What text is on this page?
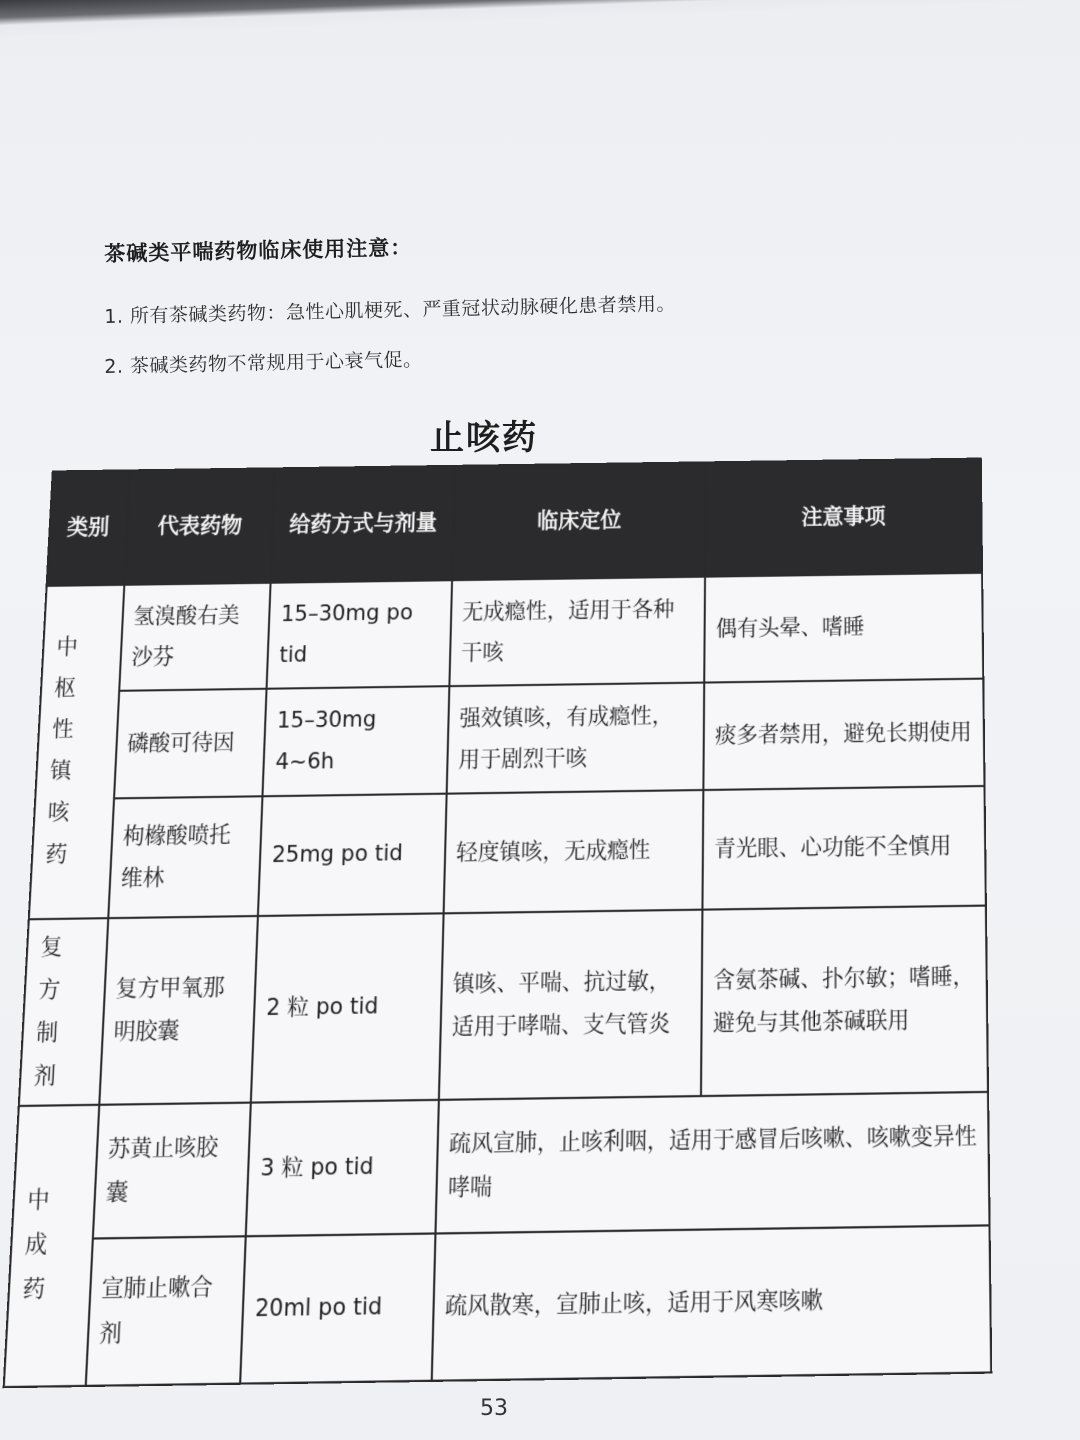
茶碱类平喘药物临床使用注意：
1. 所有茶碱类药物：急性心肌梗死、严重冠状动脉硬化患者禁用。
2. 茶碱类药物不常规用于心衰气促。
止咳药
类别	代表药物	给药方式与剂量	临床定位	注意事项
中枢性镇咳药	氢溴酸右美沙芬	15–30mg po tid	无成瘾性，适用于各种干咳	偶有头晕、嗜睡
	磷酸可待因	15–30mg 4~6h	强效镇咳，有成瘾性，用于剧烈干咳	痰多者禁用，避免长期使用
	枸橼酸喷托维林	25mg po tid	轻度镇咳，无成瘾性	青光眼、心功能不全慎用
复方制剂	复方甲氧那明胶囊	2 粒 po tid	镇咳、平喘、抗过敏，适用于哮喘、支气管炎	含氨茶碱、扑尔敏；嗜睡，避免与其他茶碱联用
中成药	苏黄止咳胶囊	3 粒 po tid	疏风宣肺，止咳利咽，适用于感冒后咳嗽、咳嗽变异性哮喘	
	宣肺止嗽合剂	20ml po tid	疏风散寒，宣肺止咳，适用于风寒咳嗽	
53
